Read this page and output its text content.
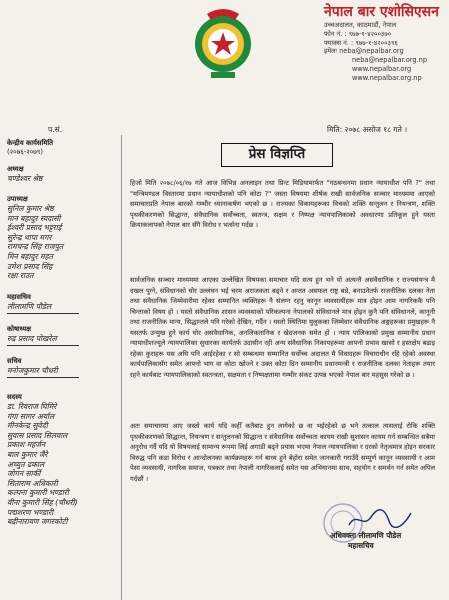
नेपाल बार एशोसिएसन
उच्चअदालत, काठमाडौं, नेपाल
फोन नं. : ९७७-१-४२००३७०
फ्याक्स नं. : ९७७-१-४२००३९६
इमेलः neba@nepalbar.org
neba@nepalbar.org.np
www.nepalbar.org
www.nepalbar.org.np
प.सं.	मिति: २०७८ असोज १८ गते ।
केन्द्रीय कार्यसमिति
(२०७६-२०७९)
अध्यक्ष
चण्डेश्वर श्रेष्ठ
उपाध्यक्ष
सुनिल कुमार श्रेष्ठ
मान बहादुर स्वदासी
ईश्वरी प्रसाद भट्टराई
सुरेन्द्र थापा मगर
रामचन्द्र सिंह राजपुत
मिन बहादुर महत
उमेश प्रसाद सिंह
रक्षा राउत
महासचिव
लीलामणि पौडेल
कोषाध्यक्ष
रुद्र प्रसाद पोखरेल
सचिव
मनोजकुमार चौधरी
सदस्य
डा. रिवराज घिमिरे
गंगा सागर अर्याल
मीनकेन्द्र सुवेदी
सुवास प्रसाद सिलवाल
प्रकाश महर्जन
बाल कुमार जैरे
अच्युत ढकाल
जोगन सार्की
सिताराम अधिकारी
कल्पना कुमारी भण्डारी
वीना कुमारी सिंह (चौधरी)
पद्मशरण भण्डारी
बद्रीनारायण जगरकोटी
प्रेस विज्ञप्ति

हिजो मिति २०७८/०६/१७ गते आज विभिन्न अनलाइन तथा प्रिन्ट मिडियामार्फत "गठबन्धनमा प्रधान न्यायाधीश पनि ?" तथा "मन्त्रिमण्डल विस्तारमा प्रधान न्यायाधीशको पनि कोटा ?" जस्ता विषयमा शीर्षक राखी सार्वजनिक सञ्चार माध्यममा आएको समाचारप्रति नेपाल बारको गम्भीर ध्यानाकर्षण भएको छ । राज्यका विकायहरूका विचको शक्ति सन्तुलन र नियन्त्रण, शक्ति पृथकीकरणको सिद्धान्त, संवैधानिक सर्वोच्चता, स्वतन्त्र, सक्षम र निष्पक्ष न्यायपालिकाको अवधारणा प्रतिकूल हुने यस्ता क्रियाकलापको नेपाल बार सँगै विरोध र भर्त्सना गर्दछ ।

सार्वजनिक सञ्चार माध्यममा आएका उल्लेखित विषयका समाचार यदि सत्य हुन भने यो अत्यन्तै असंवैधानिक र राज्यसंयन्त्र मै दखल पुग्ने, संविधानको घोर उल्लंघन भई चरम अराजकता बढ्ने र अन्तत असफल राष्ट्र बन्ने, बनाउनेतर्फ राजनीतिक दलका नेता तथा संवैधानिक जिम्मेवारीमा रहेका सम्मानित व्यक्तिहरू नै संलग्न रहनु कानून व्यवसायीहरू मात्र होइन आम नागरिककै पनि चिन्ताको विषय हो । यस्तो संवैधानिक शासन व्यवस्थाको परिकल्पना नेपालको संविधानले मात्र होइन कुनै पनि संविधानले, कानूनी तथा राजनीतिक मान्य, सिद्धान्तले पनि गरेको देखिन, गर्दैन । यस्तो स्थितिमा मुलुकका जिम्मेवार संवैधानिक अङ्गहरूका प्रमुखहरू नै यसतर्फ उन्मुख हुने कार्य घोर असंवैधानिक, अनलिकतानिक र खेदजनक समेत हो । न्याय पालिकाको प्रमुख सम्मानीय प्रधान न्यायाधीशज्यूले न्यायपालिका सुधारका कार्यतर्फ उदासीन रही अन्य संवैधानिक निकायहरूमा आफ्नो प्रभाव खासो र हस्तक्षेप बढाइ रहेका कुराहरू यस अघि पनि आईरहेका र सो सम्बन्धमा सम्मानित सर्वोच्च अदालत मै विवादहरू विचाराधीन रहि रहेको अवस्था कार्यपालिकासँग समेत आफ्नो भाग वा कोटा खोज्ने र उक्त कोटा दिन सम्मानीय प्रधानमन्त्री र राजनीतिक दलका नेताहरू तयार रहने कार्यबाट न्यायपालिकाको स्वतन्त्रता, सक्षमता र निष्पक्षतामा गम्भीर संकट उत्पन्न भएको नेपाल बार महसुस गरेको छ ।

अतः समाचारमा आए जस्तो कार्य यदि कहीँ कतैबाट हुन लागेको छ वा भईरहेको छ भने तत्काल त्यसलाई रोकि शक्ति पृथकीकरणको सिद्धान्त, नियन्त्रण र सन्तुलनको सिद्धान्त र संवैधानिक सर्वोच्चता कायम राखी सुशासन कायम गर्न सम्बन्धित सबैमा अनुरोध गर्दै यदि यो विषयलाई सामान्य रूपमा लिई अगाडी बढ्ने प्रयास भएमा नेपाल न्यायपालिका र दरको नेतृत्वमात्र होइन सरकार विरुद्ध पनि कडा विरोध र आन्दोलनका कार्यक्रमहरू गर्न बाध्य हुने बेहोरा समेत जानकारी गराउँदै सम्पूर्ण कानून व्यवसायी र आम पेसा व्यवसायी, नागरिक समाज, पत्रकार तथा नेपाली नागरिकलाई समेत यस अभियानमा साथ, सहयोग र समर्थन गर्न समेत अपिल गर्दछौं ।

अधिवक्ता लीलामणि पौडेल
महासचिव
